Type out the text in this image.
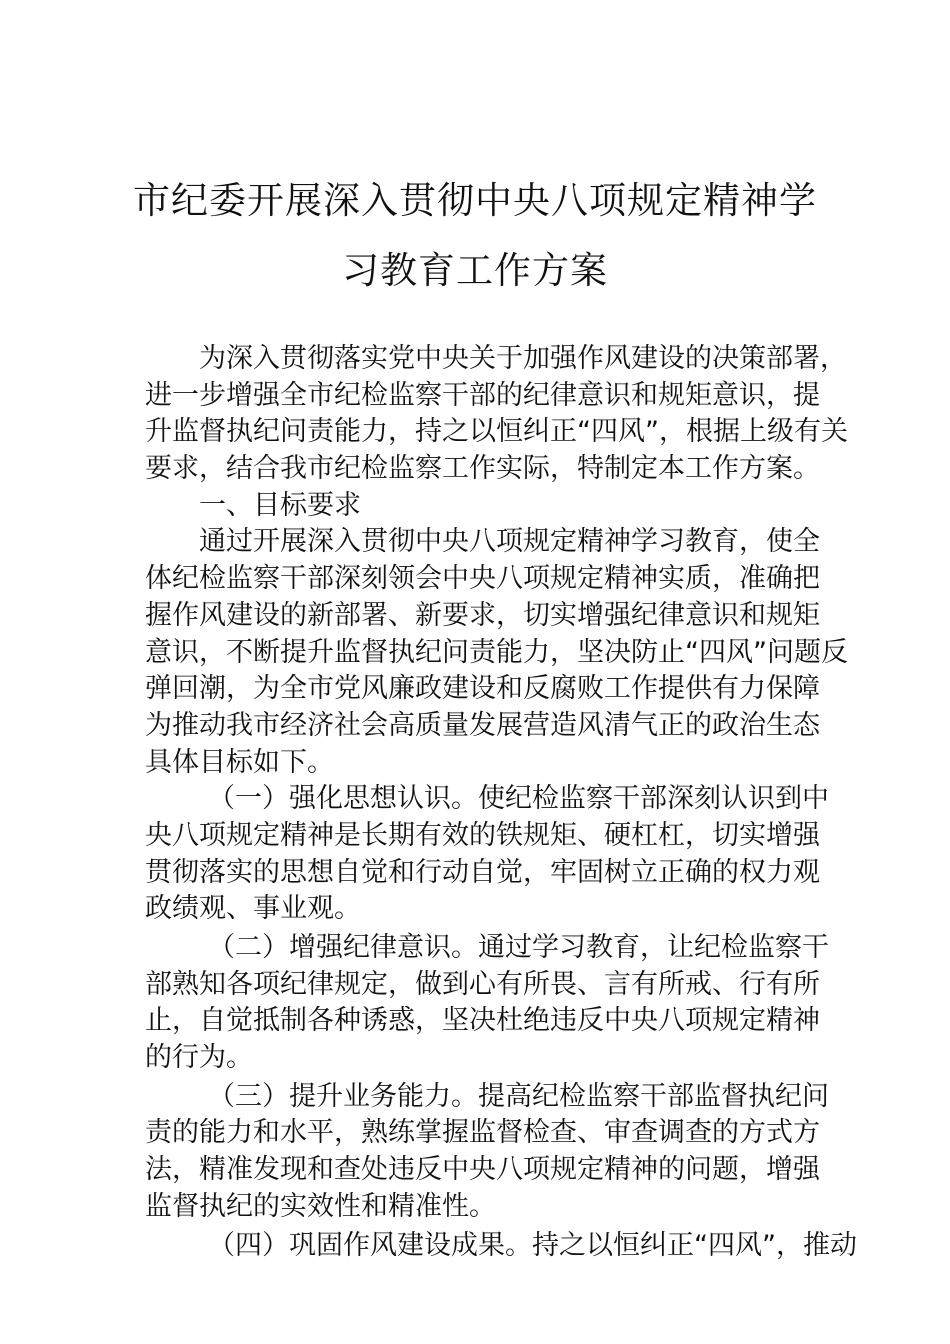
市纪委开展深入贯彻中央八项规定精神学
习教育工作方案
为深入贯彻落实党中央关于加强作风建设的决策部署，
进一步增强全市纪检监察干部的纪律意识和规矩意识，提
升监督执纪问责能力，持之以恒纠正“四风”，根据上级有关
要求，结合我市纪检监察工作实际，特制定本工作方案。
一、目标要求
通过开展深入贯彻中央八项规定精神学习教育，使全
体纪检监察干部深刻领会中央八项规定精神实质，准确把
握作风建设的新部署、新要求，切实增强纪律意识和规矩
意识，不断提升监督执纪问责能力，坚决防止“四风”问题反
弹回潮，为全市党风廉政建设和反腐败工作提供有力保障
为推动我市经济社会高质量发展营造风清气正的政治生态
具体目标如下。
（一）强化思想认识。使纪检监察干部深刻认识到中
央八项规定精神是长期有效的铁规矩、硬杠杠，切实增强
贯彻落实的思想自觉和行动自觉，牢固树立正确的权力观
政绩观、事业观。
（二）增强纪律意识。通过学习教育，让纪检监察干
部熟知各项纪律规定，做到心有所畏、言有所戒、行有所
止，自觉抵制各种诱惑，坚决杜绝违反中央八项规定精神
的行为。
（三）提升业务能力。提高纪检监察干部监督执纪问
责的能力和水平，熟练掌握监督检查、审查调查的方式方
法，精准发现和查处违反中央八项规定精神的问题，增强
监督执纪的实效性和精准性。
（四）巩固作风建设成果。持之以恒纠正“四风”，推动
